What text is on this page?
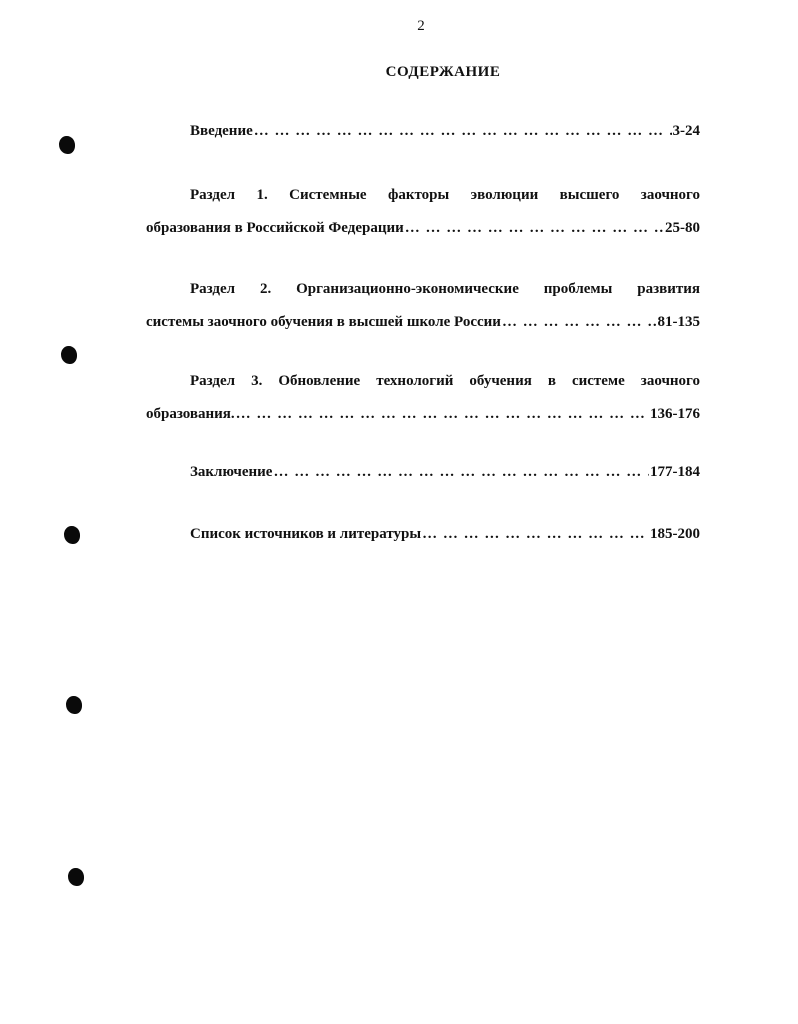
2
СОДЕРЖАНИЕ
Введение … … … … … … … … … … … … … … … … … … … … … … … … … … … … … … … … … … … … … … … … … … … … …	3-24
Раздел 1. Системные факторы эволюции высшего заочного
образования в Российской Федерации … … … … … … … … … … … … … … … … … … … … … … … … … … … … … … … … … … … … … … … … … … … … …	25-80
Раздел 2. Организационно-экономические проблемы развития
системы заочного обучения в высшей школе России … … … … … … … … … … … … … … … … … … … … … … … … … … … … … … … … … … … … … … … … … … … … …	81-135
Раздел 3. Обновление технологий обучения в системе заочного
образования. … … … … … … … … … … … … … … … … … … … … … … … … … … … … … … … … … … … … … … … … … … … … …	136-176
Заключение … … … … … … … … … … … … … … … … … … … … … … … … … … … … … … … … … … … … … … … … … … … … …	177-184
Список источников и литературы … … … … … … … … … … … … … … … … … … … … … … … … … … … … … … … … … … … … … … … … … … … … …	185-200
